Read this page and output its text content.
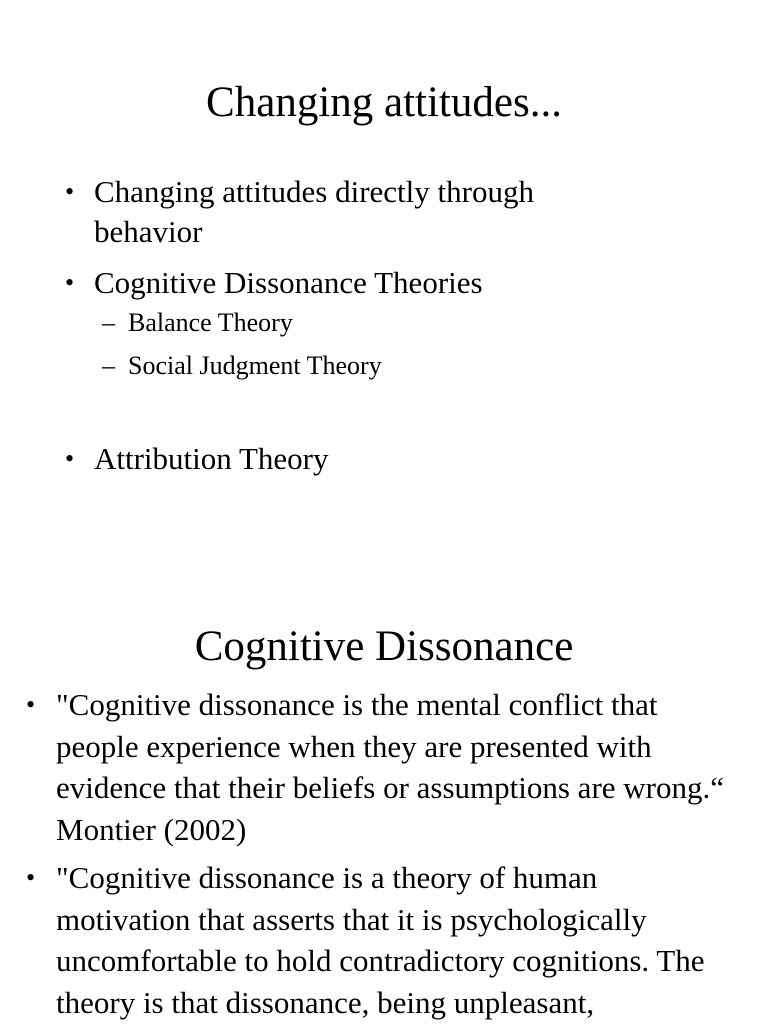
Changing attitudes...
• Changing attitudes directly through behavior
• Cognitive Dissonance Theories
– Balance Theory
– Social Judgment Theory
• Attribution Theory
Cognitive Dissonance
• "Cognitive dissonance is the mental conflict that people experience when they are presented with evidence that their beliefs or assumptions are wrong.“ Montier (2002)
• "Cognitive dissonance is a theory of human motivation that asserts that it is psychologically uncomfortable to hold contradictory cognitions. The theory is that dissonance, being unpleasant,
